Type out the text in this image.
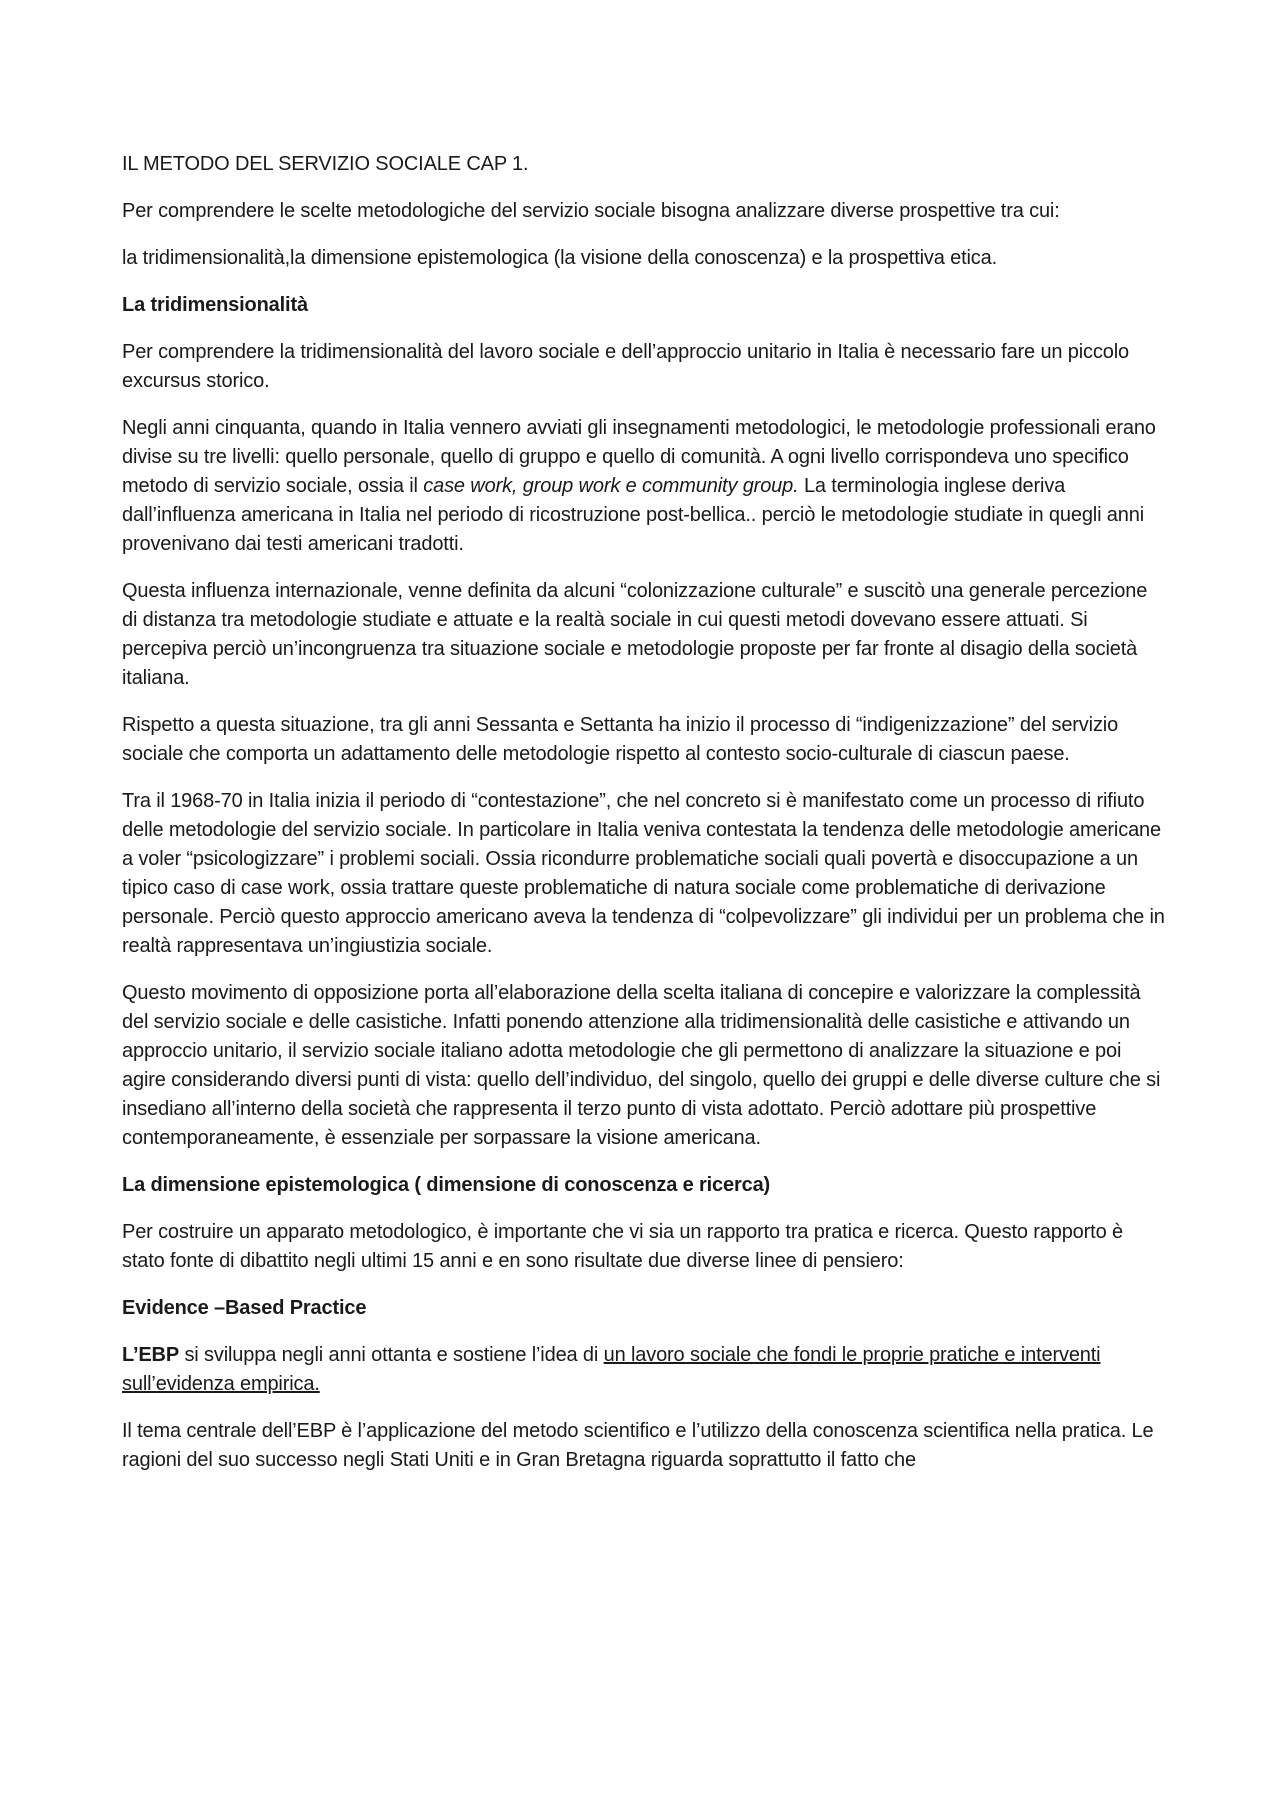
IL METODO DEL SERVIZIO SOCIALE CAP 1.

Per comprendere le scelte metodologiche del servizio sociale bisogna analizzare diverse prospettive tra cui:

la tridimensionalità,la dimensione epistemologica (la visione della conoscenza) e la prospettiva etica.

La tridimensionalità

Per comprendere la tridimensionalità del lavoro sociale e dell’approccio unitario in Italia è necessario fare un piccolo excursus storico.

Negli anni cinquanta, quando in Italia vennero avviati gli insegnamenti metodologici, le metodologie professionali erano divise su tre livelli: quello personale, quello di gruppo e quello di comunità. A ogni livello corrispondeva uno specifico metodo di servizio sociale, ossia il case work, group work e community group. La terminologia inglese deriva dall’influenza americana in Italia nel periodo di ricostruzione post-bellica.. perciò le metodologie studiate in quegli anni provenivano dai testi americani tradotti.

Questa influenza internazionale, venne definita da alcuni “colonizzazione culturale” e suscitò una generale percezione di distanza tra metodologie studiate e attuate e la realtà sociale in cui questi metodi dovevano essere attuati. Si percepiva perciò un’incongruenza tra situazione sociale e metodologie proposte per far fronte al disagio della società italiana.

Rispetto a questa situazione, tra gli anni Sessanta e Settanta ha inizio il processo di “indigenizzazione” del servizio sociale che comporta un adattamento delle metodologie rispetto al contesto socio-culturale di ciascun paese.

Tra il 1968-70 in Italia inizia il periodo di “contestazione”, che nel concreto si è manifestato come un processo di rifiuto delle metodologie del servizio sociale. In particolare in Italia veniva contestata la tendenza delle metodologie americane a voler “psicologizzare” i problemi sociali. Ossia ricondurre problematiche sociali quali povertà e disoccupazione a un tipico caso di case work, ossia trattare queste problematiche di natura sociale come problematiche di derivazione personale. Perciò questo approccio americano aveva la tendenza di “colpevolizzare” gli individui per un problema che in realtà rappresentava un’ingiustizia sociale.

Questo movimento di opposizione porta all’elaborazione della scelta italiana di concepire e valorizzare la complessità del servizio sociale e delle casistiche. Infatti ponendo attenzione alla tridimensionalità delle casistiche e attivando un approccio unitario, il servizio sociale italiano adotta metodologie che gli permettono di analizzare la situazione e poi agire considerando diversi punti di vista: quello dell’individuo, del singolo, quello dei gruppi e delle diverse culture che si insediano all’interno della società che rappresenta il terzo punto di vista adottato. Perciò adottare più prospettive contemporaneamente, è essenziale per sorpassare la visione americana.

La dimensione epistemologica ( dimensione di conoscenza e ricerca)

Per costruire un apparato metodologico, è importante che vi sia un rapporto tra pratica e ricerca. Questo rapporto è stato fonte di dibattito negli ultimi 15 anni e en sono risultate due diverse linee di pensiero:

Evidence –Based Practice

L’EBP si sviluppa negli anni ottanta e sostiene l’idea di un lavoro sociale che fondi le proprie pratiche e interventi sull’evidenza empirica.

Il tema centrale dell’EBP è l’applicazione del metodo scientifico e l’utilizzo della conoscenza scientifica nella pratica. Le ragioni del suo successo negli Stati Uniti e in Gran Bretagna riguarda soprattutto il fatto che
